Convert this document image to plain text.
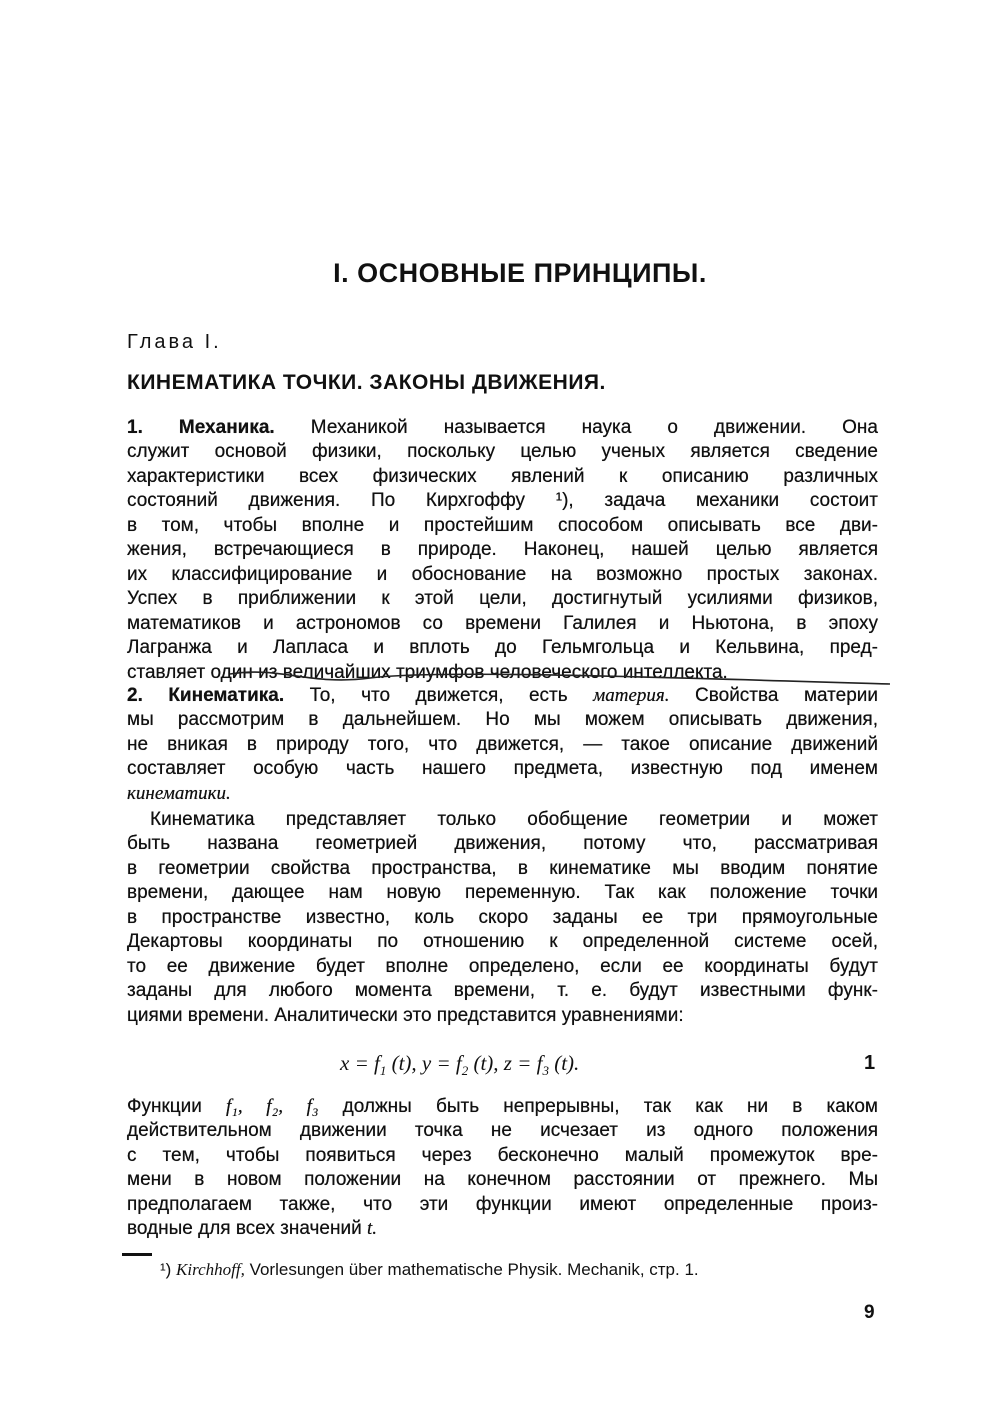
I. ОСНОВНЫЕ ПРИНЦИПЫ.
Глава I.
КИНЕМАТИКА ТОЧКИ. ЗАКОНЫ ДВИЖЕНИЯ.
1. Механика. Механикой называется наука о движении. Она
служит основой физики, поскольку целью ученых является сведение
характеристики всех физических явлений к описанию различных
состояний движения. По Кирхгоффу ¹), задача механики состоит
в том, чтобы вполне и простейшим способом описывать все дви-
жения, встречающиеся в природе. Наконец, нашей целью является
их классифицирование и обоснование на возможно простых законах.
Успех в приближении к этой цели, достигнутый усилиями физиков,
математиков и астрономов со времени Галилея и Ньютона, в эпоху
Лагранжа и Лапласа и вплоть до Гельмгольца и Кельвина, пред-
ставляет один из величайших триумфов человеческого интеллекта.
2. Кинематика. То, что движется, есть материя. Свойства материи
мы рассмотрим в дальнейшем. Но мы можем описывать движения,
не вникая в природу того, что движется, — такое описание движений
составляет особую часть нашего предмета, известную под именем
кинематики.
Кинематика представляет только обобщение геометрии и может
быть названа геометрией движения, потому что, рассматривая
в геометрии свойства пространства, в кинематике мы вводим понятие
времени, дающее нам новую переменную. Так как положение точки
в пространстве известно, коль скоро заданы ее три прямоугольные
Декартовы координаты по отношению к определенной системе осей,
то ее движение будет вполне определено, если ее координаты будут
заданы для любого момента времени, т. е. будут известными функ-
циями времени. Аналитически это представится уравнениями:
Функции f₁, f₂, f₃ должны быть непрерывны, так как ни в каком
действительном движении точка не исчезает из одного положения
с тем, чтобы появиться через бесконечно малый промежуток вре-
мени в новом положении на конечном расстоянии от прежнего. Мы
предполагаем также, что эти функции имеют определенные произ-
водные для всех значений t.
$x = f_1$ (t), $y = f_2$ (t), $z = f_3$ (t).	1
¹) Kirchhoff, Vorlesungen über mathematische Physik. Mechanik, стр. 1.
9
